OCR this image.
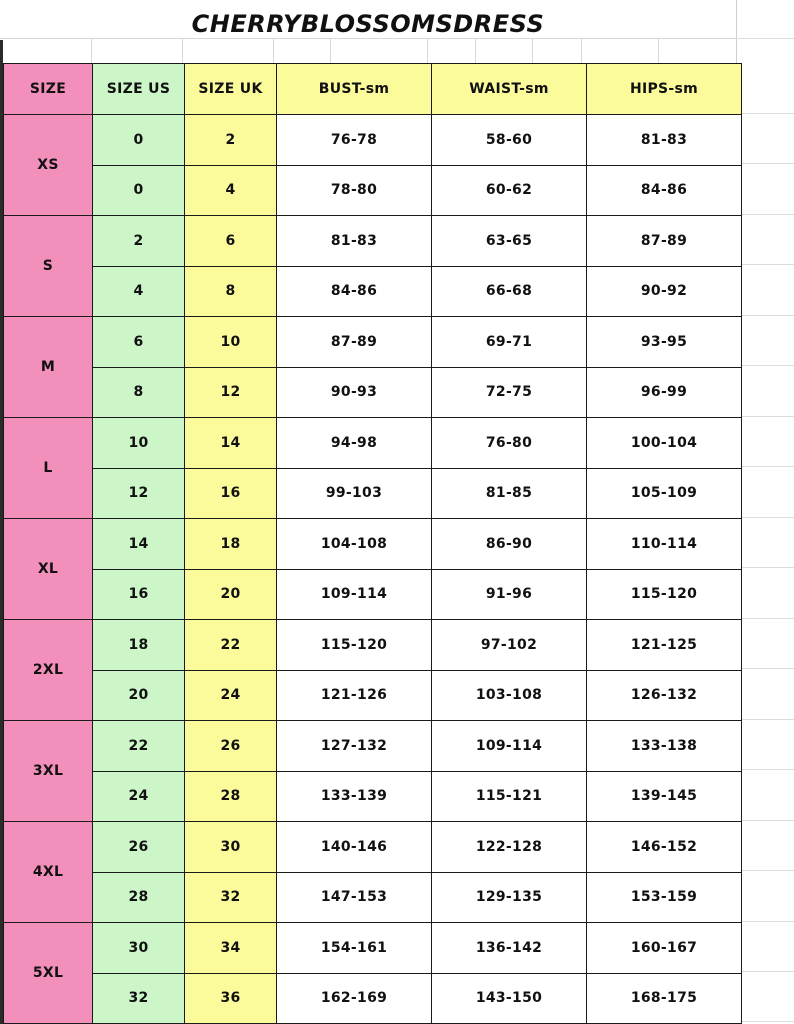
CHERRYBLOSSOMSDRESS
SIZE	SIZE US	SIZE UK	BUST-sm	WAIST-sm	HIPS-sm
XS	0	2	76-78	58-60	81-83
	0	4	78-80	60-62	84-86
S	2	6	81-83	63-65	87-89
	4	8	84-86	66-68	90-92
M	6	10	87-89	69-71	93-95
	8	12	90-93	72-75	96-99
L	10	14	94-98	76-80	100-104
	12	16	99-103	81-85	105-109
XL	14	18	104-108	86-90	110-114
	16	20	109-114	91-96	115-120
2XL	18	22	115-120	97-102	121-125
	20	24	121-126	103-108	126-132
3XL	22	26	127-132	109-114	133-138
	24	28	133-139	115-121	139-145
4XL	26	30	140-146	122-128	146-152
	28	32	147-153	129-135	153-159
5XL	30	34	154-161	136-142	160-167
	32	36	162-169	143-150	168-175
